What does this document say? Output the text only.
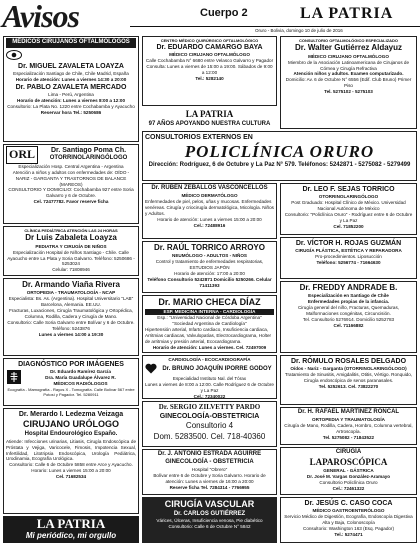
Avisos	Cuerpo 2	LA PATRIA
Oruro - Bolivia, domingo 10 de julio de 2016
MÉDICOS CIRUJANOS OFTALMÓLOGOS
Dr. MIGUEL ZAVALETA LOAYZA
Especialización Santiago de Chile, Chile Madrid, España
Horario de atención: Lunes a viernes 14:30 a 20:00
Dr. PABLO ZAVALETA MERCADO
Lima - Perú, Argentina
Horario de atención: Lunes a viernes 8:00 a 12:00
Consultorio: La Plata No. 1220 entre Cochabamba y Ayacucho
Reservar hora Tel.: 5250686
ORL	Dr. Santiago Poma Ch.
OTORRINOLARINGÓLOGO
Especialización Hosp. Central Argentina - Argentina
Atención a niños y adultos con enfermedades de: OÍDO - NARIZ - GARGANTA Y TRASTORNOS DE BALANCE (MAREOS)
CONSULTORIO Y DOMICILIO: Cochabamba 927 entre Soria Galvarro y 6 de Octubre.
Cel. 72477782. Favor reserve ficha
CLÍNICA PEDIÁTRICA ATENCIÓN LAS 24 HORAS
Dr Luis Zabaleta Loayza
PEDIATRA Y CIRUGÍA DE NIÑOS
Especialización Hospital de Niños Santiago - Chile. Calle Ayacucho entre La Plata y Soria Galvarro. Teléfono: 5250686 - 5253024
Celular: 71808946
Dr. Armando Viaña Rivera
ORTOPEDIA - TRAUMATOLOGÍA - NCAP
Especialista: Bs. As. (Argentina). Hospital Universitario "LAB" Barcelona, Alemania. EE.UU.
Fracturas, Luxaciones, Cirugía Traumatológica y Ortopédica, Columna, Rodilla, Cadera y Cirugía de Mano.
Consultorio: Calle Soria Galvarro entre Bolívar y 6 de Octubre. Teléfono: 5243876
Lunes a viernes 14:00 a 19:30
DIAGNÓSTICO POR IMÁGENES
Dr. Eduardo Ramírez García
Dra. María Guadalupe Álvarez R.
MÉDICOS RADIÓLOGOS
Ecografía - Mamografía - Rayos X - Tomografía. Calle Bolívar 567 entre Potosí y Pagador. Tel. 5280911
Dr. Merardo I. Ledezma Veizaga
CIRUJANO URÓLOGO
Hospital Endourológico Españo.
Atiende: Infecciones urinarias, Litiasis, Cirugía Endoscópica de Próstata y Vejiga, Varicocele, Fimosis, Impotencia Sexual, Infertilidad, Litotripsia Endoscópica, Urología Pediátrica, Urodinamia, Ecografía Urológica.
Consultorio: Calle 6 de Octubre 5858 entre Arce y Ayacucho. Horario: Lunes a viernes 15:00 a 20:00
Cel. 71682534
LA PATRIA
Mi periódico, mi orgullo
CENTRO MÉDICO QUIRÚRGICO OFTALMOLÓGICO
Dr. EDUARDO CAMARGO BAYA
MÉDICO CIRUJANO OFTALMÓLOGO
Calle Cochabamba N° 6680 entre Velasco Galvarro y Pagador
Consulta: Lunes a viernes de 15:00 a 19:00. Sábados de 9:00 a 12:00
Tel.: 5282140
LA PATRIA
97 AÑOS APOYANDO NUESTRA CULTURA
CONSULTORIOS EXTERNOS EN
POLICLÍNICA ORURO
Dirección: Rodríguez, 6 de Octubre y La Paz N° 579. Teléfonos: 5242871 - 5275082 - 5279499
Dr. RUBÉN ZEBALLOS VASCONCELLOS
MÉDICO DERMATÓLOGO
Enfermedades de piel, pelos, uñas y mucosas. Enfermedades venéreas. Cirugía y criocirugía dermatológica, Micología. Niños y Adultos.
Horario de atención: Lunes a viernes 15:00 a 20:00
Cel.: 72488916
Dr. RAÚL TORRICO ARROYO
NEUMÓLOGO - ADULTOS - NIÑOS
Control y tratamiento de enfermedades respiratorias, ESTUDIOS JAPÓN
Horario de atención: 17:00 a 20:00
Teléfono Consultorio 5242871 Domicilio 5250266. Celular 71411393
Dr. MARIO CHECA DÍAZ
ESP. MEDICINA INTERNA - CARDIOLOGÍA
Esp.: "Universidad Nacional de Córdoba Argentina"
"Sociedad Argentina de Cardiología"
Hipertensión arterial, Infarto cardiaco, Insuficiencia cardiaca, Arritmias cardiacas, Valvulopatías, Electrocardiograma, Holter de arritmias y presión arterial, Ecocardiograma.
Horario de atención: Lunes a viernes. Cel. 72497009
CARDIOLOGÍA - ECOCARDIOGRAFÍA
Dr. BRUNO JOAQUÍN IPORRE GODOY
Especialidad Instituto Nal. del Tórax
Lunes a viernes de 8:00 a 12:00. Calle Rodríguez 6 de Octubre y La Paz
Cel.: 72340022
Dr. SERGIO ZILVETTY PARDO
GINECOLOGÍA-OBSTETRICIA
Consultorio 4
Dom. 5283500. Cel. 718-40360
Dr. J. ANTONIO ESTRADA AGUIRRE
GINECOLOGÍA - OBSTETRICIA
Hospital "Obrero"
Bolívar entre 6 de Octubre y Soria Galvarro. Horario de atención: Lunes a viernes de 16:00 a 20:00
Reserve ficha Tel. 7284314 - 7766955
CIRUGÍA VASCULAR
Dr. CARLOS GUTIÉRREZ
Várices, Úlceras, Insuficiencia venosa, Pie diabético
Consultorio: Calle 6 de Octubre N° 5842
CONSULTORIO OFTALMOLÓGICO ESPECIALIZADO
Dr. Walter Gutiérrez Aldayuz
MÉDICO CIRUJANO OFTALMÓLOGO
Miembro de la Asociación Latinoamericana de Cirujanos de Córnea y Cirugía Refractiva
Atención niños y adultos. Examen computarizado.
Domicilio: Av. 6 de Octubre N° 6556 (Edif. Club Bruno) Primer Piso
Tel. 5275102 - 5275103
Dr. LEO F. SEJAS TORRICO
OTORRINOLARINGÓLOGO
Post Graduado: Hospital Clínico de México. Universidad Nacional Autónoma de México
Consultorio: "Policlínica Oruro" - Rodríguez entre 6 de Octubre y La Paz
Cel. 71852200
Dr. VÍCTOR H. ROJAS GUZMÁN
CIRUGÍA PLÁSTICA, ESTÉTICA Y REPARADORA
Pro-procedimientos. Liposucción
Teléfono: 5256774 - 71664630
Dr. FREDDY ANDRADE B.
Especialización en Santiago de Chile
Enfermedades propias de la infancia.
Cirugía general del niño, Fracturas, Quemaduras, Malformaciones congénitas, Circuncisión.
Tel. Consultorio 5276914. Domicilio 5252783
Cel. 71166882
Dr. RÓMULO ROSALES DELGADO
Oídos - Nariz - Garganta (OTORRINOLARINGÓLOGO)
Tratamiento de Sinusitis, Amigdalitis, Otitis, Vértigo. Ronquido, Cirugía endoscópica de senos paranasales.
Tel. 5252613. Cel. 73822270
Dr. H. RAFAEL MARTÍNEZ RONCAL
ORTOPEDIA Y TRAUMATOLOGÍA
Cirugía de Mano, Rodilla, Cadera, Hombro, Columna vertebral, Artroscopía.
Tel. 5275082 - 71843522
CIRUGÍA
LAPAROSCÓPICA
GENERAL - GÁSTRICA
Dr. José M. Vargas González-Aramayo
Consultorio Policlínica Oruro
Cel.: 72461322
Dr. JESÚS C. CASO COCA
MÉDICO GASTROENTERÓLOGO
Servicio Médico de Digestión, Ecografía, Endoscopía Digestiva Alta y Baja, Colonoscopía
Consultorio: Washington 163 (Esq. Pagador)
Tel.: 5274471
